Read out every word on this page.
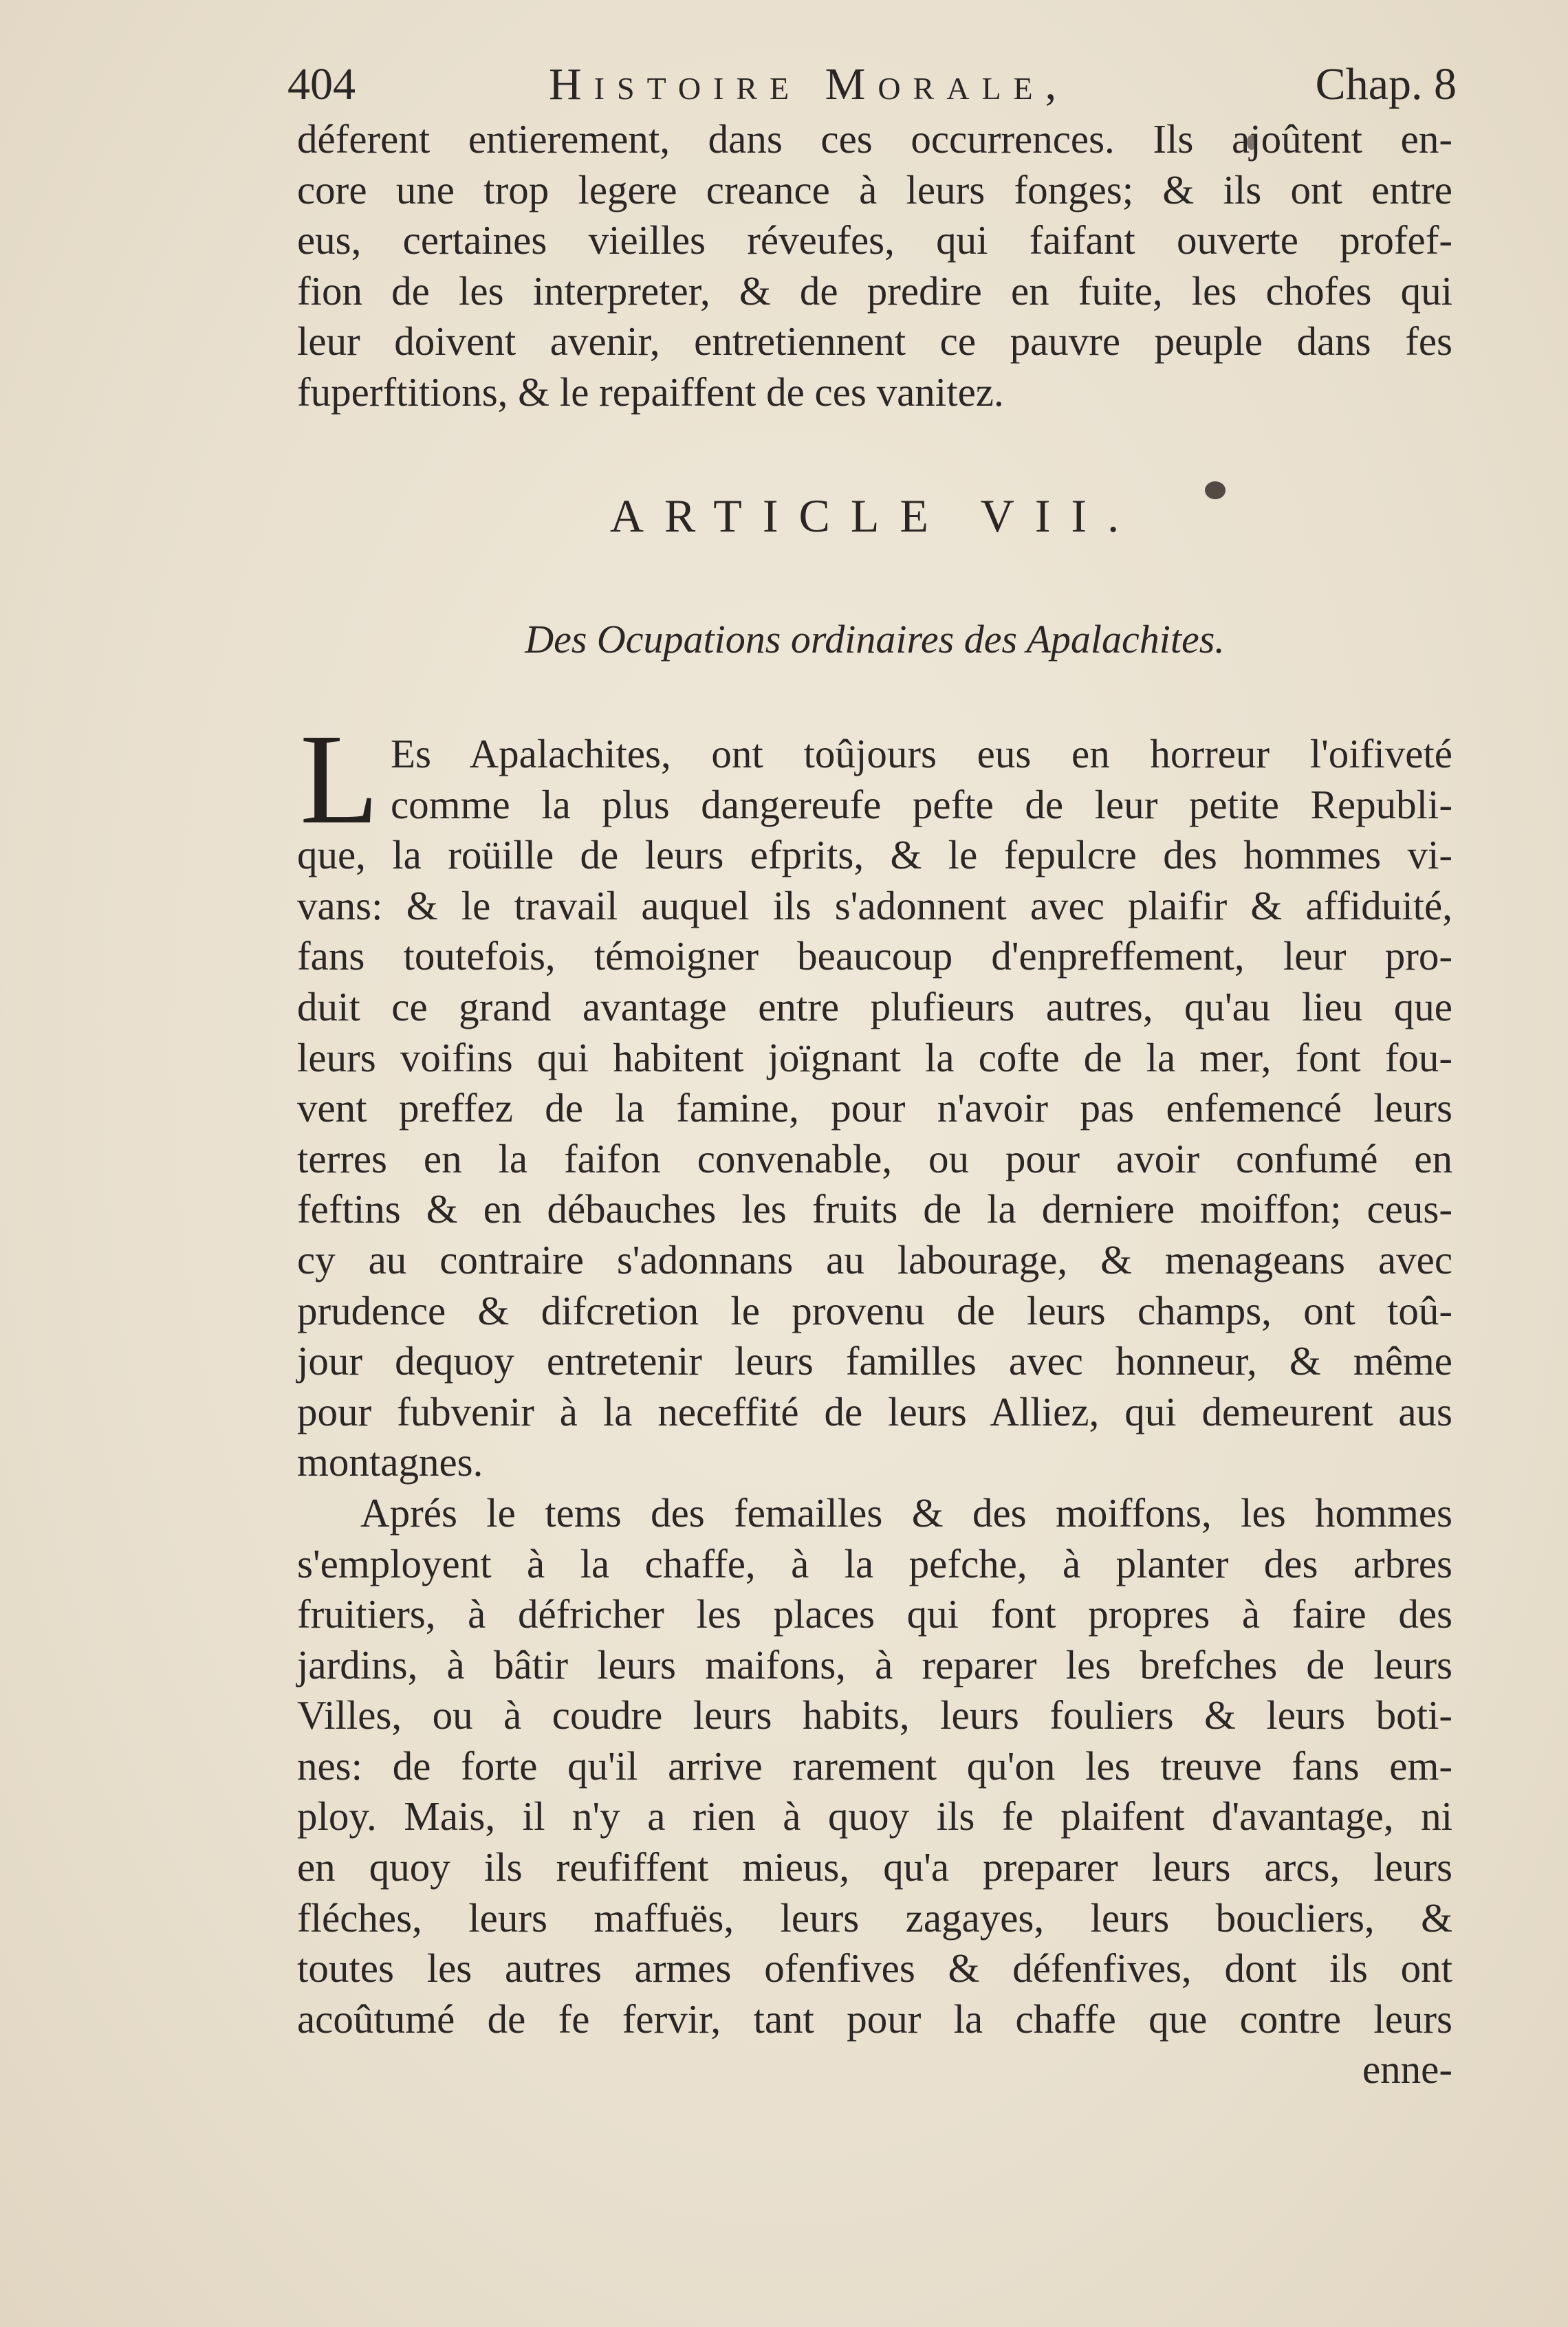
404	Histoire Morale,	Chap. 8
déferent entierement, dans ces occurrences. Ils ajoûtent en-
core une trop legere creance à leurs fonges; & ils ont entre
eus, certaines vieilles réveufes, qui faifant ouverte profef-
fion de les interpreter, & de predire en fuite, les chofes qui
leur doivent avenir, entretiennent ce pauvre peuple dans fes
fuperftitions, & le repaiffent de ces vanitez.
ARTICLE VII.
Des Ocupations ordinaires des Apalachites.
L Es Apalachites, ont toûjours eus en horreur l'oifiveté
comme la plus dangereufe pefte de leur petite Republi-
que, la roüille de leurs efprits, & le fepulcre des hommes vi-
vans: & le travail auquel ils s'adonnent avec plaifir & affiduité,
fans toutefois, témoigner beaucoup d'enpreffement, leur pro-
duit ce grand avantage entre plufieurs autres, qu'au lieu que
leurs voifins qui habitent joïgnant la cofte de la mer, font fou-
vent preffez de la famine, pour n'avoir pas enfemencé leurs
terres en la faifon convenable, ou pour avoir confumé en
feftins & en débauches les fruits de la derniere moiffon; ceus-
cy au contraire s'adonnans au labourage, & menageans avec
prudence & difcretion le provenu de leurs champs, ont toû-
jour dequoy entretenir leurs familles avec honneur, & même
pour fubvenir à la neceffité de leurs Alliez, qui demeurent aus
montagnes.
Aprés le tems des femailles & des moiffons, les hommes
s'employent à la chaffe, à la pefche, à planter des arbres
fruitiers, à défricher les places qui font propres à faire des
jardins, à bâtir leurs maifons, à reparer les brefches de leurs
Villes, ou à coudre leurs habits, leurs fouliers & leurs boti-
nes: de forte qu'il arrive rarement qu'on les treuve fans em-
ploy. Mais, il n'y a rien à quoy ils fe plaifent d'avantage, ni
en quoy ils reufiffent mieus, qu'a preparer leurs arcs, leurs
fléches, leurs maffuës, leurs zagayes, leurs boucliers, &
toutes les autres armes ofenfives & défenfives, dont ils ont
acoûtumé de fe fervir, tant pour la chaffe que contre leurs
enne-
